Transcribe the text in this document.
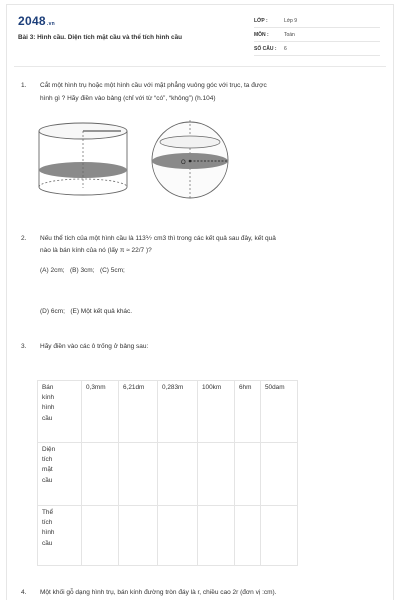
2048.vn
Bài 3: Hình cầu. Diện tích mặt cầu và thể tích hình cầu
LỚP :	Lớp 9
MÔN :	Toán
SỐ CÂU : 6
1. Cắt một hình trụ hoặc một hình cầu với mặt phẳng vuông góc với trục, ta được
hình gì ? Hãy điền vào bảng (chỉ với từ “có”, “không”) (h.104)
O
2. Nếu thể tích của một hình cầu là 113⅐ cm3 thì trong các kết quả sau đây, kết quả
nào là bán kính của nó (lấy π ≈ 22/7 )?
(A) 2cm;   (B) 3cm;   (C) 5cm;
(D) 6cm;   (E) Một kết quả khác.
3. Hãy điền vào các ô trống ở bảng sau:
Bán
kính
hình
cầu	0,3mm	6,21dm	0,283m	100km	6hm	50dam

Diện
tích
mặt
cầu						

Thể
tích
hình
cầu						

4. Một khối gỗ dạng hình trụ, bán kính đường tròn đáy là r, chiều cao 2r (đơn vị :cm).
